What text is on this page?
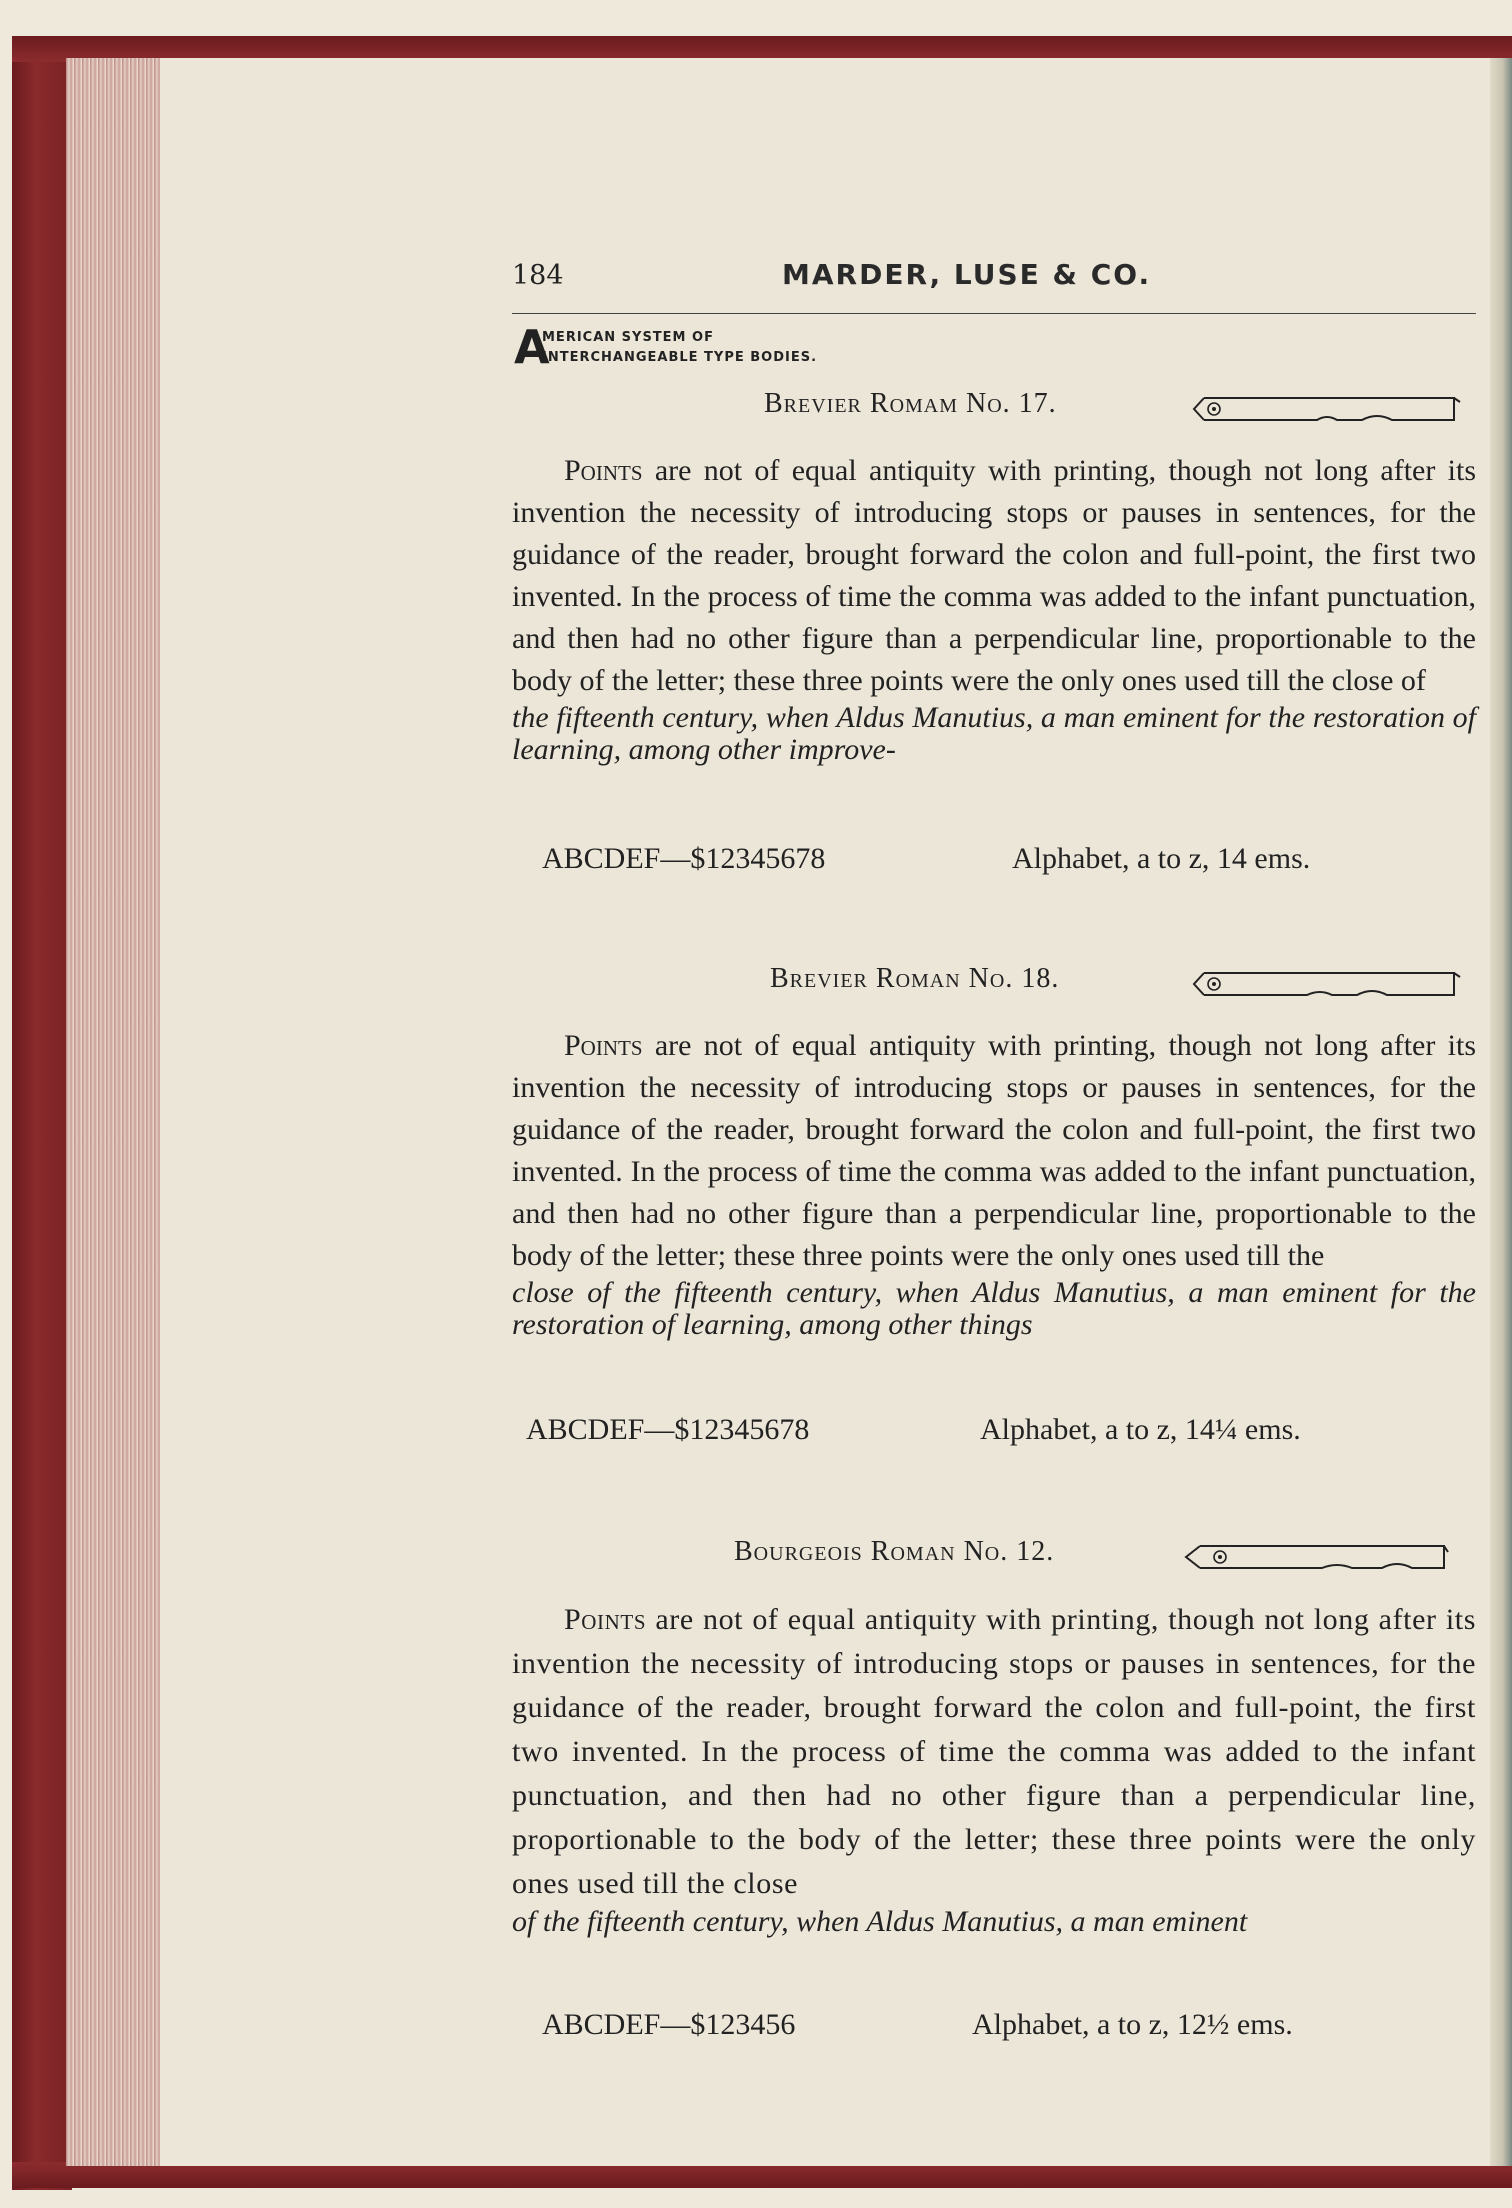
184	MARDER, LUSE & CO.
A
MERICAN SYSTEM OF
INTERCHANGEABLE TYPE BODIES.
Brevier Romam No. 17.

Points are not of equal antiquity with printing, though not long after its invention the necessity of introducing stops or pauses in sentences, for the guidance of the reader, brought forward the colon and full-point, the first two invented. In the process of time the comma was added to the infant punctuation, and then had no other figure than a perpendicular line, proportionable to the body of the letter; these three points were the only ones used till the close of

the fifteenth century, when Aldus Manutius, a man eminent for the restoration of learning, among other improve-

ABCDEF—$12345678	Alphabet, a to z, 14 ems.
Brevier Roman No. 18.

Points are not of equal antiquity with printing, though not long after its invention the necessity of introducing stops or pauses in sentences, for the guidance of the reader, brought forward the colon and full-point, the first two invented. In the process of time the comma was added to the infant punctuation, and then had no other figure than a perpendicular line, proportionable to the body of the letter; these three points were the only ones used till the

close of the fifteenth century, when Aldus Manutius, a man eminent for the restoration of learning, among other things

ABCDEF—$12345678	Alphabet, a to z, 14¼ ems.
Bourgeois Roman No. 12.

Points are not of equal antiquity with printing, though not long after its invention the necessity of introducing stops or pauses in sentences, for the guidance of the reader, brought forward the colon and full-point, the first two invented. In the process of time the comma was added to the infant punctuation, and then had no other figure than a perpendicular line, proportionable to the body of the letter; these three points were the only ones used till the close

of the fifteenth century, when Aldus Manutius, a man eminent

ABCDEF—$123456	Alphabet, a to z, 12½ ems.
